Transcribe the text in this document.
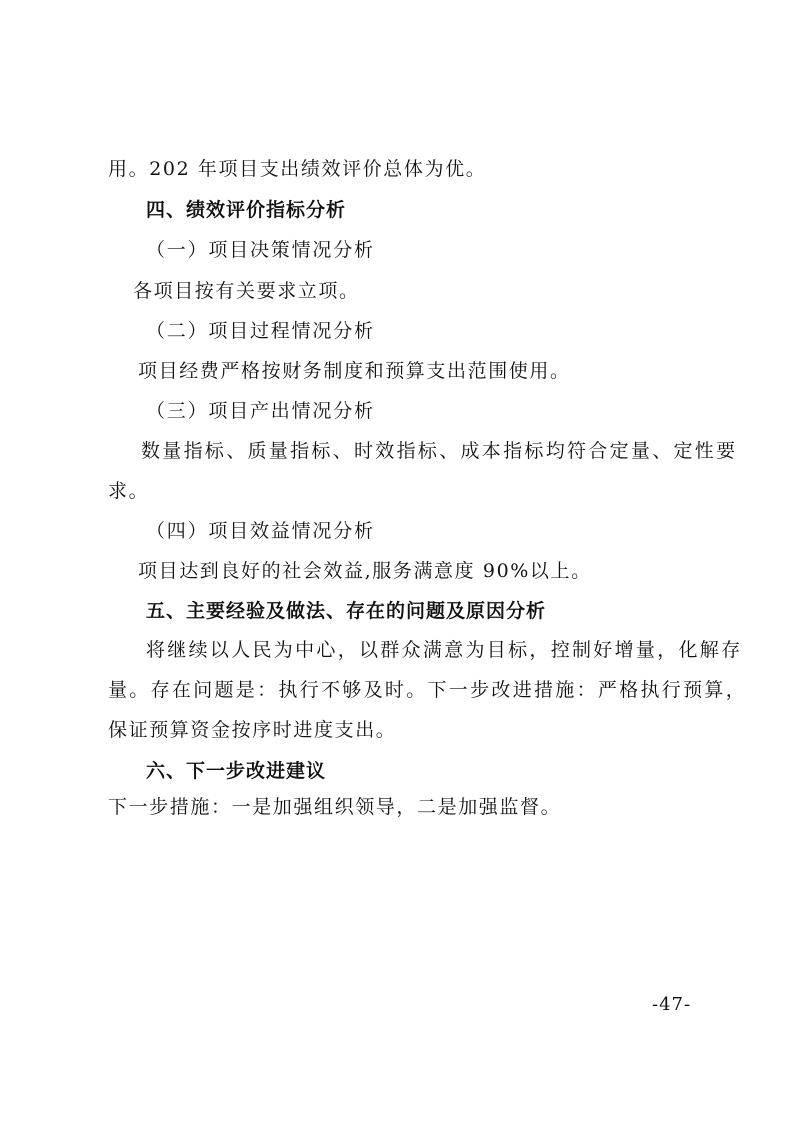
用。202 年项目支出绩效评价总体为优。

四、绩效评价指标分析

（一）项目决策情况分析

各项目按有关要求立项。

（二）项目过程情况分析

项目经费严格按财务制度和预算支出范围使用。

（三）项目产出情况分析

数量指标、质量指标、时效指标、成本指标均符合定量、定性要

求。

（四）项目效益情况分析

项目达到良好的社会效益,服务满意度 90%以上。

五、主要经验及做法、存在的问题及原因分析

将继续以人民为中心，以群众满意为目标，控制好增量，化解存

量。存在问题是：执行不够及时。下一步改进措施：严格执行预算，

保证预算资金按序时进度支出。

六、下一步改进建议

下一步措施：一是加强组织领导，二是加强监督。

-47-
